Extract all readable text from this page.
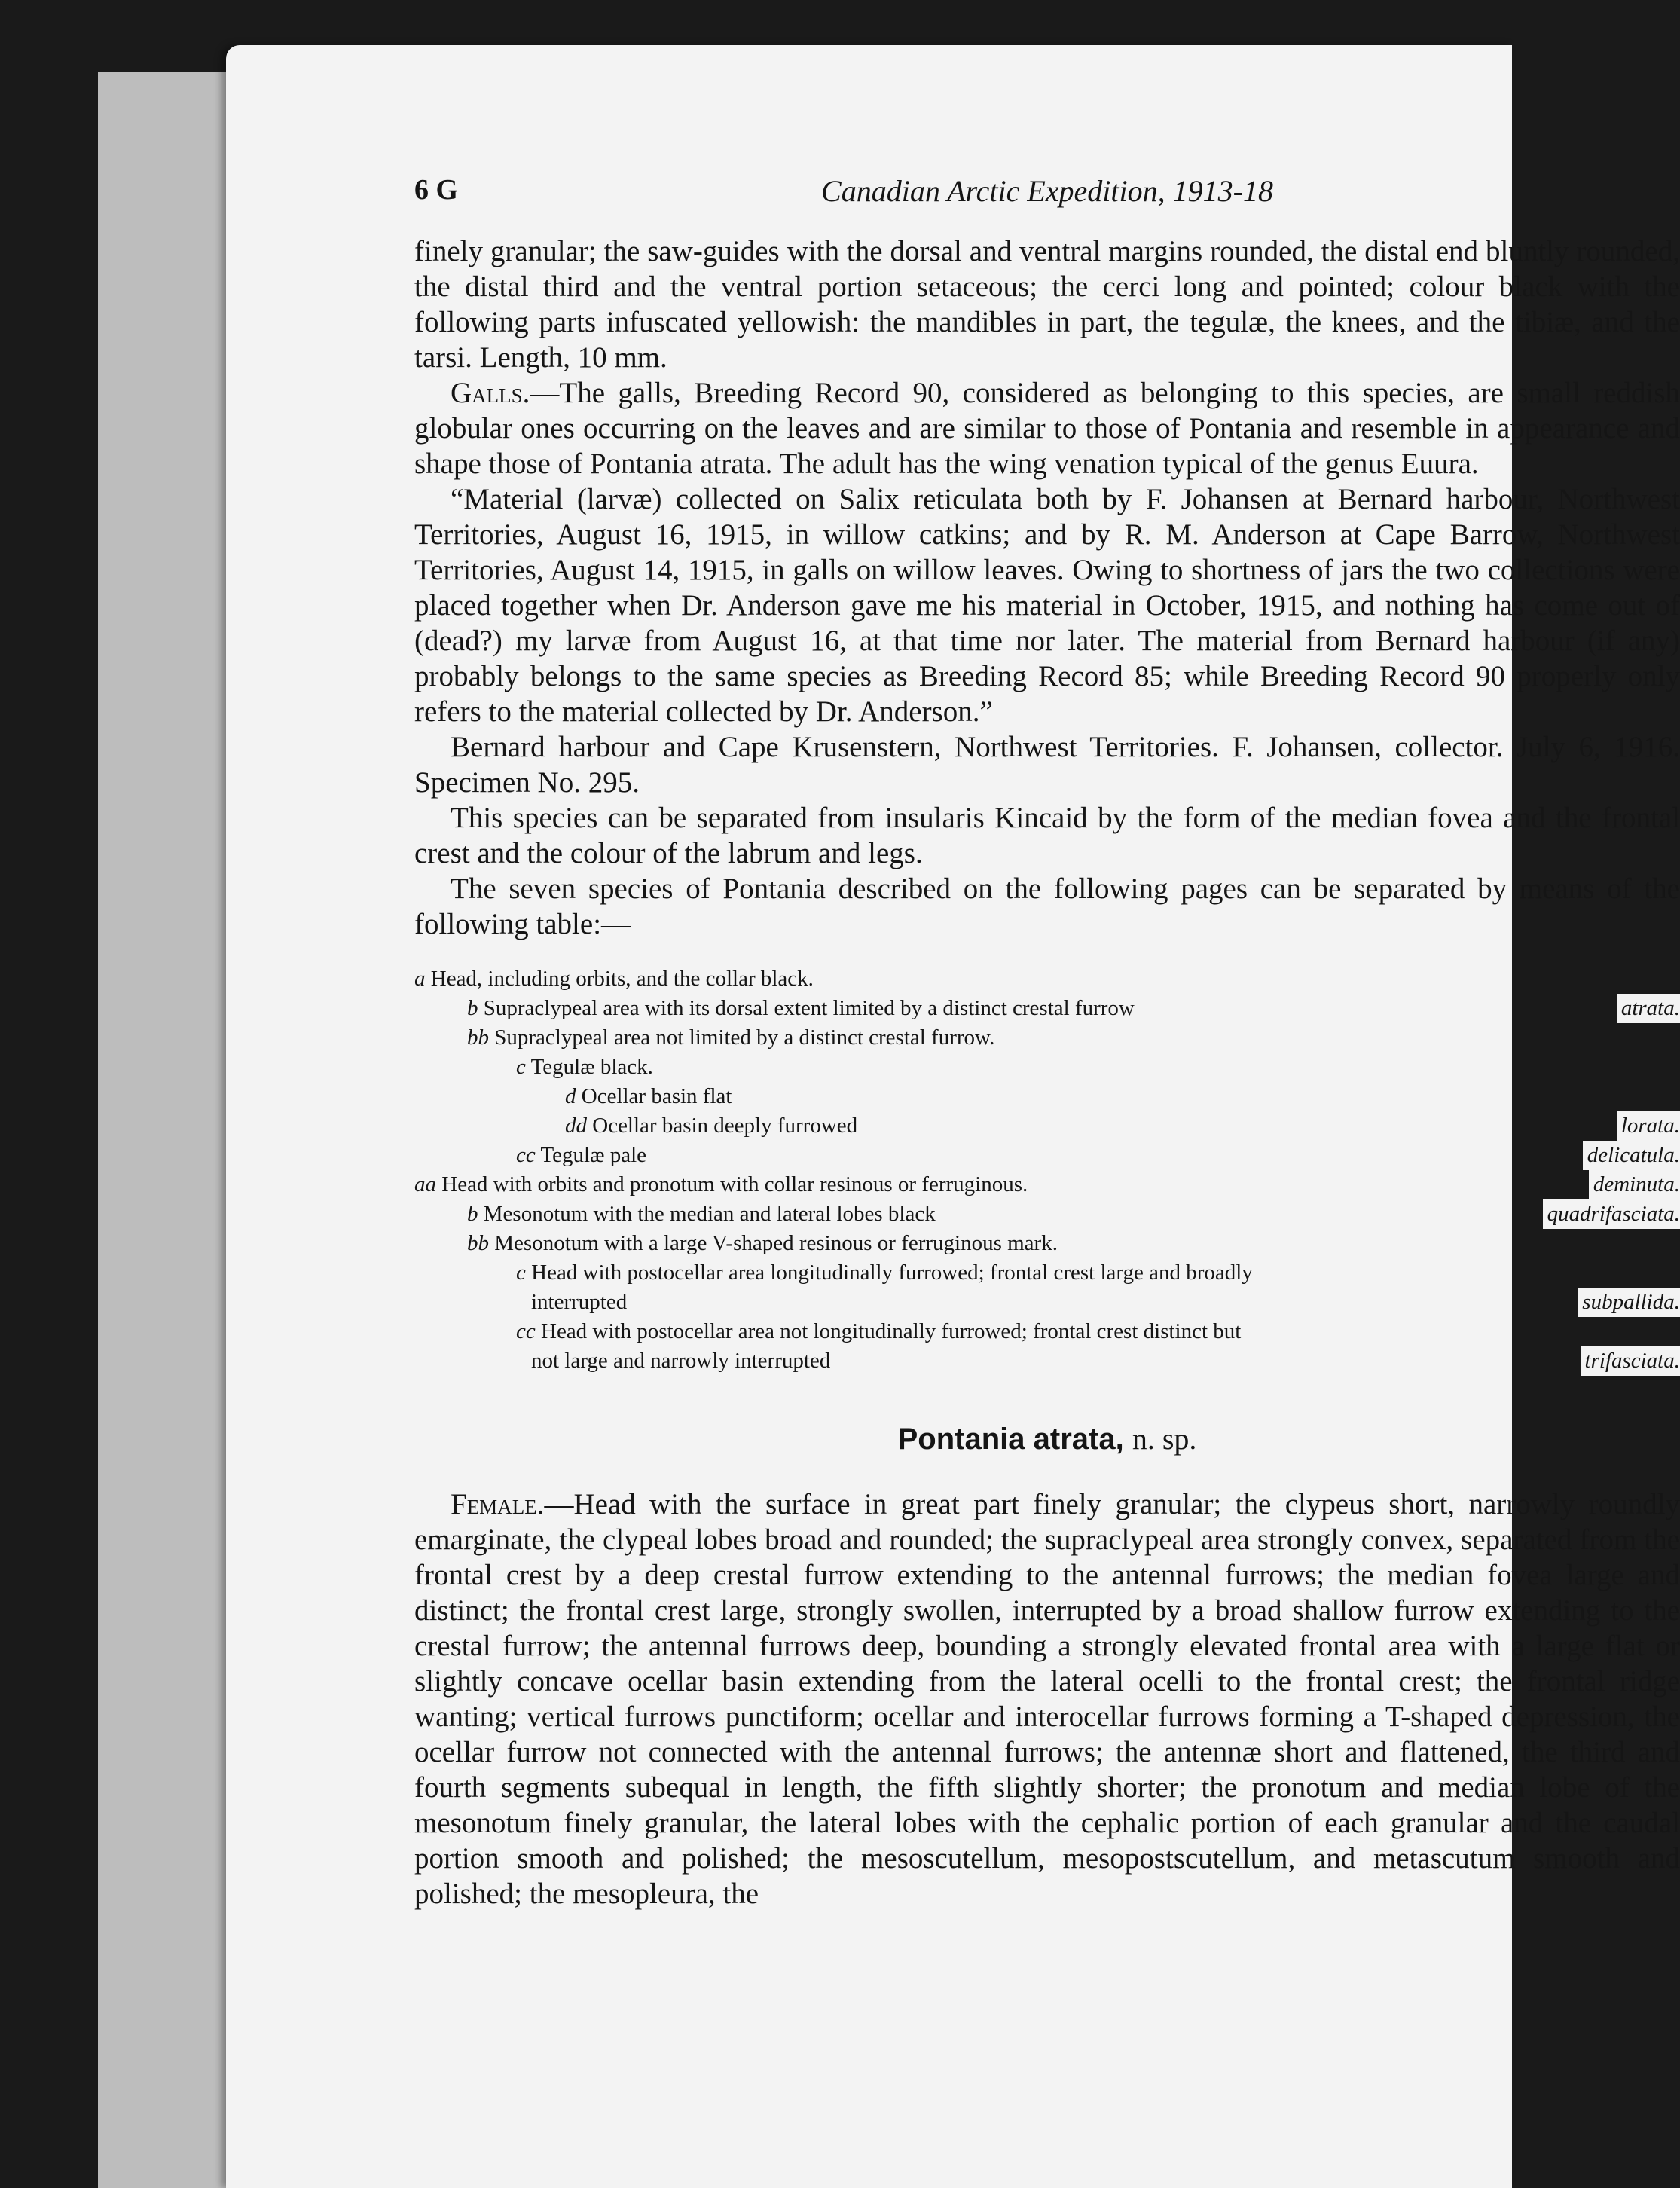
6 G	Canadian Arctic Expedition, 1913-18

finely granular; the saw-guides with the dorsal and ventral margins rounded, the distal end bluntly rounded, the distal third and the ventral portion setaceous; the cerci long and pointed; colour black with the following parts infuscated yellowish: the mandibles in part, the tegulæ, the knees, and the tibiæ, and the tarsi. Length, 10 mm.

Galls.—The galls, Breeding Record 90, considered as belonging to this species, are small reddish globular ones occurring on the leaves and are similar to those of Pontania and resemble in appearance and shape those of Pontania atrata. The adult has the wing venation typical of the genus Euura.

“Material (larvæ) collected on Salix reticulata both by F. Johansen at Bernard harbour, Northwest Territories, August 16, 1915, in willow catkins; and by R. M. Anderson at Cape Barrow, Northwest Territories, August 14, 1915, in galls on willow leaves. Owing to shortness of jars the two collections were placed together when Dr. Anderson gave me his material in October, 1915, and nothing has come out of (dead?) my larvæ from August 16, at that time nor later. The material from Bernard harbour (if any) probably belongs to the same species as Breeding Record 85; while Breeding Record 90 properly only refers to the material collected by Dr. Anderson.”

Bernard harbour and Cape Krusenstern, Northwest Territories. F. Johansen, collector. July 6, 1916. Specimen No. 295.

This species can be separated from insularis Kincaid by the form of the median fovea and the frontal crest and the colour of the labrum and legs.

The seven species of Pontania described on the following pages can be separated by means of the following table:—

a Head, including orbits, and the collar black.
b Supraclypeal area with its dorsal extent limited by a distinct crestal furrow	atrata.
bb Supraclypeal area not limited by a distinct crestal furrow.
c Tegulæ black.
d Ocellar basin flat
dd Ocellar basin deeply furrowed	lorata.
cc Tegulæ pale	delicatula.
aa Head with orbits and pronotum with collar resinous or ferruginous.	deminuta.
b Mesonotum with the median and lateral lobes black	quadrifasciata.
bb Mesonotum with a large V-shaped resinous or ferruginous mark.
c Head with postocellar area longitudinally furrowed; frontal crest large and broadly
interrupted	subpallida.
cc Head with postocellar area not longitudinally furrowed; frontal crest distinct but
not large and narrowly interrupted	trifasciata.
Pontania atrata, n. sp.

Female.—Head with the surface in great part finely granular; the clypeus short, narrowly roundly emarginate, the clypeal lobes broad and rounded; the supraclypeal area strongly convex, separated from the frontal crest by a deep crestal furrow extending to the antennal furrows; the median fovea large and distinct; the frontal crest large, strongly swollen, interrupted by a broad shallow furrow extending to the crestal furrow; the antennal furrows deep, bounding a strongly elevated frontal area with a large flat or slightly concave ocellar basin extending from the lateral ocelli to the frontal crest; the frontal ridge wanting; vertical furrows punctiform; ocellar and interocellar furrows forming a T-shaped depression, the ocellar furrow not connected with the antennal furrows; the antennæ short and flattened, the third and fourth segments subequal in length, the fifth slightly shorter; the pronotum and median lobe of the mesonotum finely granular, the lateral lobes with the cephalic portion of each granular and the caudal portion smooth and polished; the mesoscutellum, mesopostscutellum, and metascutum smooth and polished; the mesopleura, the
